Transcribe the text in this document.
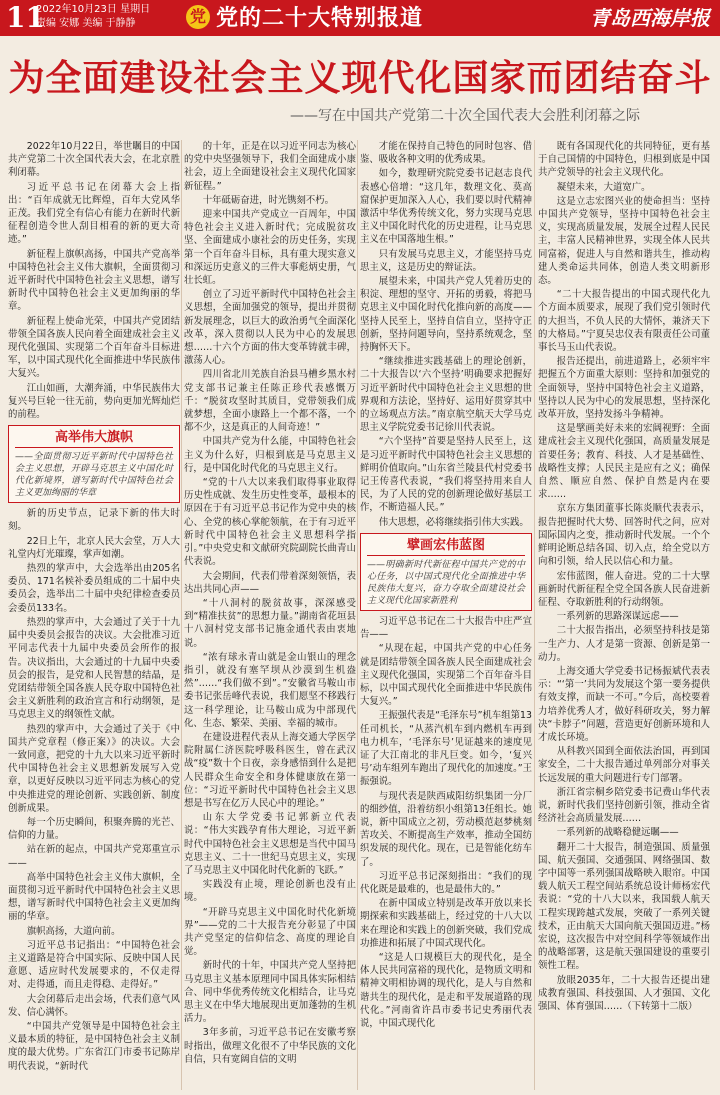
11
2022年10月23日 星期日
责编 安娜 美编 于静静	党 党的二十大特别报道	青岛西海岸报
为全面建设社会主义现代化国家而团结奋斗
——写在中国共产党第二十次全国代表大会胜利闭幕之际

2022年10月22日，举世瞩目的中国共产党第二十次全国代表大会，在北京胜利闭幕。

习近平总书记在闭幕大会上指出：“百年成就无比辉煌，百年大党风华正茂。我们党全有信心有能力在新时代新征程创造令世人刮目相看的新的更大奇迹。”

新征程上旗帜高扬，中国共产党高举中国特色社会主义伟大旗帜，全面贯彻习近平新时代中国特色社会主义思想，谱写新时代中国特色社会主义更加绚丽的华章。

新征程上使命光荣，中国共产党团结带领全国各族人民向着全面建成社会主义现代化强国、实现第二个百年奋斗目标进军，以中国式现代化全面推进中华民族伟大复兴。

江山如画，大潮奔涌，中华民族伟大复兴号巨轮一往无前，势向更加光辉灿烂的前程。

高举伟大旗帜
——全面贯彻习近平新时代中国特色社会主义思想，开辟马克思主义中国化时代化新境界，谱写新时代中国特色社会主义更加绚丽的华章

新的历史节点，记录下新的伟大时刻。

22日上午，北京人民大会堂，万人大礼堂内灯光璀璨，掌声如潮。

热烈的掌声中，大会选举出由205名委员、171名候补委员组成的二十届中央委员会，选举出二十届中央纪律检查委员会委员133名。

热烈的掌声中，大会通过了关于十九届中央委员会报告的决议。大会批准习近平同志代表十九届中央委员会所作的报告。决议指出，大会通过的十九届中央委员会的报告，是党和人民智慧的结晶，是党团结带领全国各族人民夺取中国特色社会主义新胜利的政治宣言和行动纲领，是马克思主义的纲领性文献。

热烈的掌声中，大会通过了关于《中国共产党章程（修正案）》的决议。大会一致同意，把党的十九大以来习近平新时代中国特色社会主义思想新发展写入党章，以更好反映以习近平同志为核心的党中央推进党的理论创新、实践创新、制度创新成果。

每一个历史瞬间，积聚奔腾的光芒、信仰的力量。

站在新的起点，中国共产党郑重宣示——

高举中国特色社会主义伟大旗帜，全面贯彻习近平新时代中国特色社会主义思想，谱写新时代中国特色社会主义更加绚丽的华章。

旗帜高扬，大道向前。

习近平总书记指出：“中国特色社会主义道路是符合中国实际、反映中国人民意愿、适应时代发展要求的，不仅走得对、走得通，而且走得稳、走得好。”

大会闭幕后走出会场，代表们意气风发、信心满怀。

“中国共产党领导是中国特色社会主义最本质的特征，是中国特色社会主义制度的最大优势。广东省江门市委书记陈岸明代表说，“新时代

的十年，正是在以习近平同志为核心的党中央坚强领导下，我们全面建成小康社会，迈上全面建设社会主义现代化国家新征程。”

十年砥砺奋进，时光镌刻不朽。

迎来中国共产党成立一百周年，中国特色社会主义进入新时代；完成脱贫攻坚、全面建成小康社会的历史任务，实现第一个百年奋斗目标，具有重大现实意义和深远历史意义的三件大事彪炳史册，气壮长虹。

创立了习近平新时代中国特色社会主义思想，全面加强党的领导，提出并贯彻新发展理念，以巨大的政治勇气全面深化改革，深入贯彻以人民为中心的发展思想……十六个方面的伟大变革铸就丰碑，激荡人心。

四川省北川羌族自治县马槽乡黑水村党支部书记兼主任陈正珍代表感慨万千：“脱贫攻坚时其质目，党带领我们成就梦想，全面小康路上一个都不落，一个都不少，这是真正的人间奇迹！”

中国共产党为什么能，中国特色社会主义为什么好，归根到底是马克思主义行，是中国化时代化的马克思主义行。

“党的十八大以来我们取得事业取得历史性成就、发生历史性变革，最根本的原因在于有习近平总书记作为党中央的核心、全党的核心掌舵领航，在于有习近平新时代中国特色社会主义思想科学指引。”中央党史和文献研究院副院长曲青山代表说。

大会期间，代表们带着深刻领悟，表达出共同心声——

“十八洞村的脱贫故事，深深感受到“精准扶贫”的思想力量。”湖南省花垣县十八洞村党支部书记施金通代表由衷地说。

“浓有球永青山就是金山银山的理念指引，就没有塞罕坝从沙漠到生机盎然”……“我们做不到”。”安徽省马鞍山市委书记张岳峰代表说，我们愿坚不移践行这一科学理论，让马鞍山成为中部现代化、生态、繁荣、美丽、幸福的城市。

在建设进程代表从上海交通大学医学院附属仁济医院呼吸科医生，曾在武汉战“疫”数十个日夜，亲身感悟到什么是把人民群众生命安全和身体健康放在第一位：“习近平新时代中国特色社会主义思想是书写在亿万人民心中的理论。”

山东大学党委书记郭新立代表说：“伟大实践孕育伟大理论，习近平新时代中国特色社会主义思想是当代中国马克思主义、二十一世纪马克思主义，实现了马克思主义中国化时代化新的飞跃。”

实践没有止境，理论创新也没有止境。

“开辟马克思主义中国化时代化新境界”——党的二十大报告充分彰显了中国共产党坚定的信仰信念、高度的理论自觉。

新时代的十年，中国共产党人坚持把马克思主义基本原理同中国具体实际相结合、同中华优秀传统文化相结合，让马克思主义在中华大地展现出更加蓬勃的生机活力。

3年多前，习近平总书记在安徽考察时指出，做理文化很不了中华民族的文化自信，只有宽阔自信的文明

才能在保持自己特色的同时包容、借鉴、吸收各种文明的优秀成果。

如今，数理研究院党委书记赵志良代表感心倍增：“这几年，数理文化、莫高窟保护更加深入人心，我们要以时代精神激活中华优秀传统文化，努力实现马克思主义中国化时代化的历史进程，让马克思主义在中国落地生根。”

只有发展马克思主义，才能坚持马克思主义，这是历史的辩证法。

展望未来，中国共产党人凭着历史的积淀、理想的坚守、开拓的勇毅，将把马克思主义中国化时代化推向新的高度——坚持人民至上，坚持自信自立，坚持守正创新，坚持问题导向，坚持系统观念，坚持胸怀天下。

“继续推进实践基础上的理论创新，二十大报告以‘六个坚持’明确要求把握好习近平新时代中国特色社会主义思想的世界观和方法论，坚持好、运用好贯穿其中的立场观点方法。”南京航空航天大学马克思主义学院党委书记徐川代表说。

“六个坚持”首要是坚持人民至上，这是习近平新时代中国特色社会主义思想的鲜明价值取向。”山东省兰陵县代村党委书记王传喜代表说，“我们将坚持用来自人民，为了人民的党的创新理论做好基层工作，不断造福人民。”

伟大思想，必将继续指引伟大实践。

擘画宏伟蓝图
——明确新时代新征程中国共产党的中心任务，以中国式现代化全面推进中华民族伟大复兴，奋力夺取全面建设社会主义现代化国家新胜利

习近平总书记在二十大报告中庄严宣告——

“从现在起，中国共产党的中心任务就是团结带领全国各族人民全面建成社会主义现代化强国，实现第二个百年奋斗目标，以中国式现代化全面推进中华民族伟大复兴。”

王振强代表是“毛泽东号”机车组第13任司机长，“从蒸汽机车到内燃机车再到电力机车，‘毛泽东号’见证越来的速度见证了大江南北的非凡巨变。如今，‘复兴号’动车组列车跑出了现代化的加速度。”王振强说。

与现代表是陕西咸阳纺织集团一分厂的细纱值，沿着纺织小组第13任组长。她说，新中国成立之初，劳动模范赵梦桃刻苦攻关、不断提高生产效率，推动全国纺织发展的现代化。现在，已是智能化纺车了。

习近平总书记深刻指出：“我们的现代化既是最难的，也是最伟大的。”

在新中国成立特别是改革开放以来长期探索和实践基础上，经过党的十八大以来在理论和实践上的创新突破，我们党成功推进和拓展了中国式现代化。

“这是人口规模巨大的现代化，是全体人民共同富裕的现代化，是物质文明和精神文明相协调的现代化，是人与自然和谐共生的现代化，是走和平发展道路的现代化。”河南省许昌市委书记史秀丽代表说，中国式现代化

既有各国现代化的共同特征，更有基于自己国情的中国特色，归根到底是中国共产党领导的社会主义现代化。

凝望未来，大道宽广。

这是立志宏图兴业的使命担当：坚持中国共产党领导，坚持中国特色社会主义，实现高质量发展，发展全过程人民民主，丰富人民精神世界，实现全体人民共同富裕，促进人与自然和谐共生，推动构建人类命运共同体，创造人类文明新形态。

“二十大报告提出的中国式现代化九个方面本质要求，展现了我们党引领时代的大担当，不负人民的大情怀，兼济天下的大格局。”宁夏吴忠仪表有限责任公司董事长马玉山代表说。

报告还提出，前进道路上，必须牢牢把握五个方面重大原则：坚持和加强党的全面领导，坚持中国特色社会主义道路，坚持以人民为中心的发展思想，坚持深化改革开放，坚持发扬斗争精神。

这是擘画美好未来的宏阔视野：全面建成社会主义现代化强国，高质量发展是首要任务；教育、科技、人才是基础性、战略性支撑；人民民主是应有之义；确保自然、顺应自然、保护自然是内在要求……

京东方集团董事长陈炎顺代表表示，报告把握时代大势、回答时代之问，应对国际国内之变，推动新时代发展。一个个鲜明论断总结各国、切入点，给全党以方向和引领，给人民以信心和力量。

宏伟蓝图，催人奋进。党的二十大擘画新时代新征程全党全国各族人民奋进新征程、夺取新胜利的行动纲领。

一系列新的思路深谋远虑——

二十大报告指出，必须坚持科技是第一生产力、人才是第一资源、创新是第一动力。

上海交通大学党委书记杨振斌代表表示：“‘第一’共同为发展这个第一要务提供有效支撑，而缺一不可。”今后，高校要着力培养优秀人才，做好科研攻关，努力解决“卡脖子”问题，营造更好创新环境和人才成长环境。

从科教兴国到全面依法治国，再到国家安全，二十大报告通过单列部分对事关长远发展的重大问题进行专门部署。

浙江省宗桐乡陪党委书记费山华代表说，新时代我们坚持创新引领，推动全省经济社会高质量发展……

一系列新的战略稳健远瞩——

翻开二十大报告，制造强国、质量强国、航天强国、交通强国、网络强国、数字中国等一系列强国战略映入眼帘。中国载人航天工程空间站系统总设计师杨宏代表说：“党的十八大以来，我国载人航天工程实现跨越式发展，突破了一系列关键技术，正由航天大国向航天强国迈进。”杨宏说，这次报告中对空间科学等领域作出的战略部署，这是航天强国建设的重要引领性工程。

放眼2035年，二十大报告还提出建成教育强国、科技强国、人才强国、文化强国、体育强国……（下转第十二版）
